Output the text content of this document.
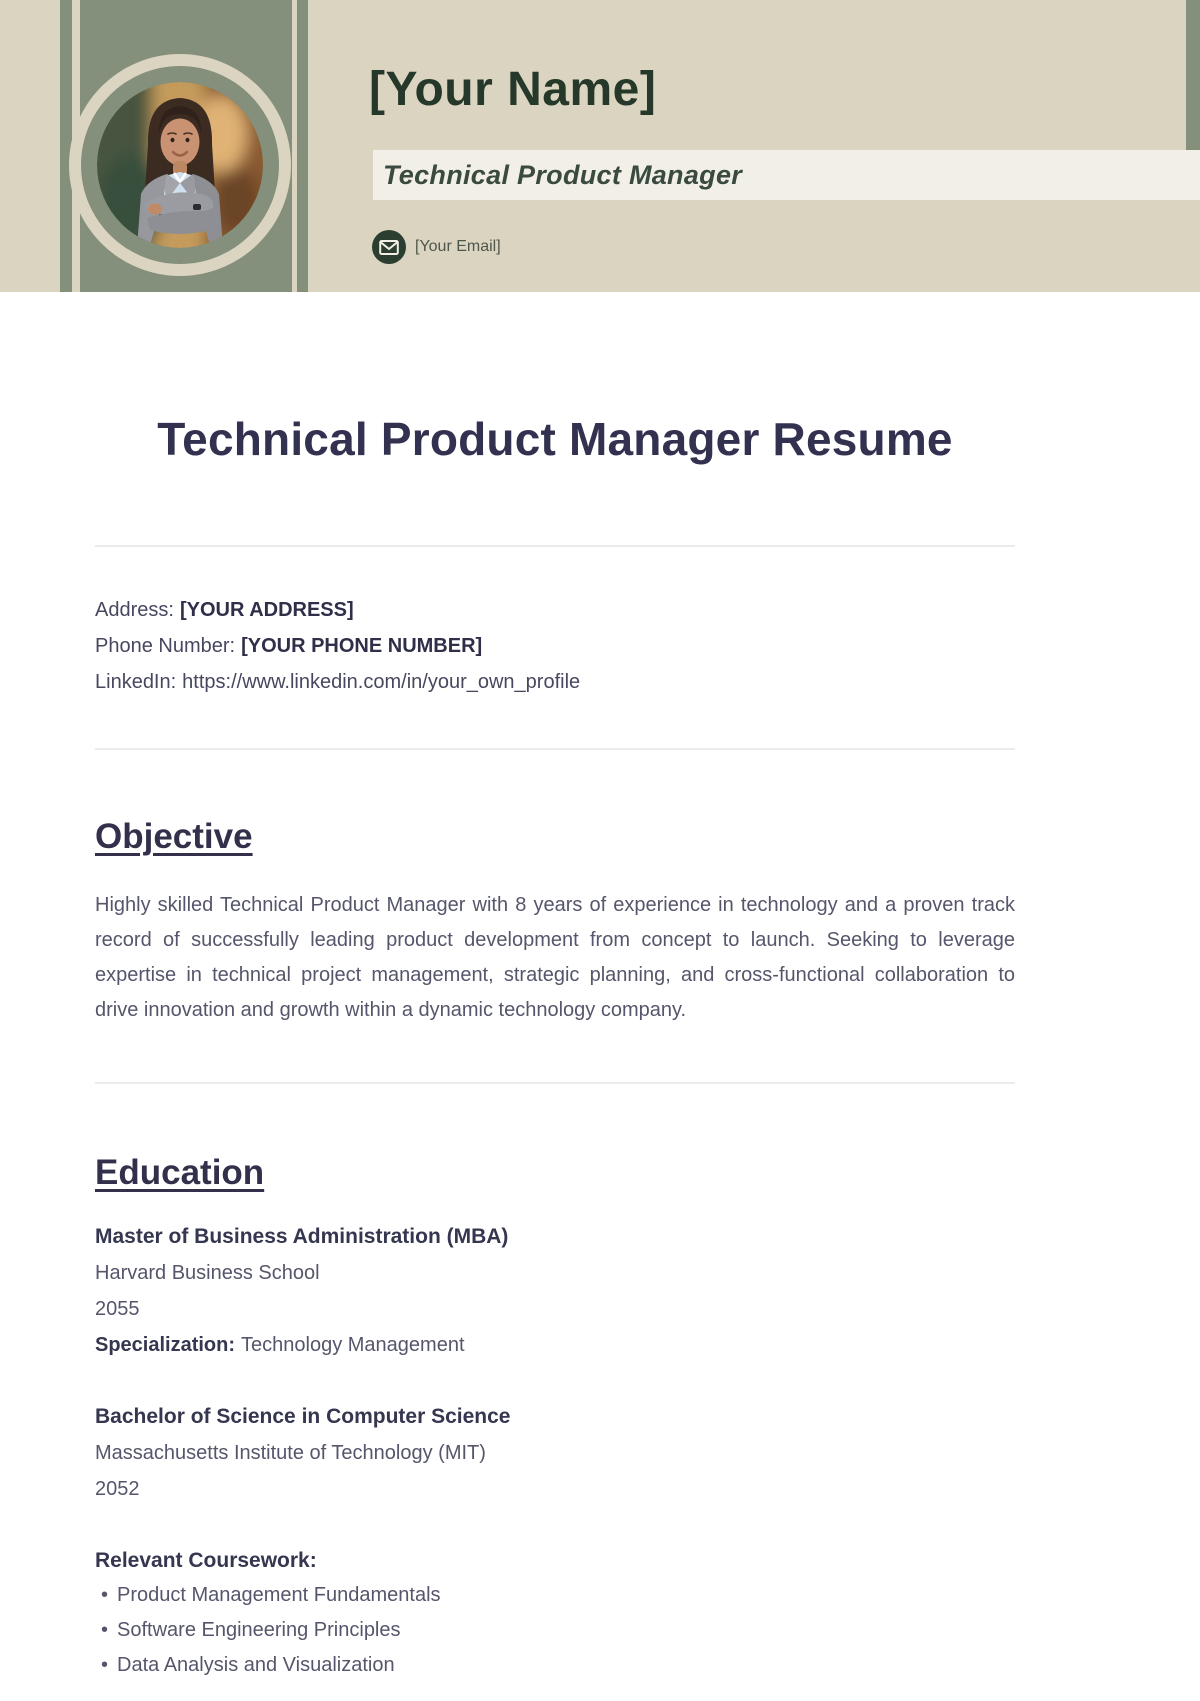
[Your Name]
Technical Product Manager
[Your Email]
Technical Product Manager Resume
Address: [YOUR ADDRESS]
Phone Number: [YOUR PHONE NUMBER]
LinkedIn: https://www.linkedin.com/in/your_own_profile
Objective

Highly skilled Technical Product Manager with 8 years of experience in technology and a proven track record of successfully leading product development from concept to launch. Seeking to leverage expertise in technical project management, strategic planning, and cross-functional collaboration to drive innovation and growth within a dynamic technology company.

Education
Master of Business Administration (MBA)
Harvard Business School
2055
Specialization: Technology Management
Bachelor of Science in Computer Science
Massachusetts Institute of Technology (MIT)
2052
Relevant Coursework:
• Product Management Fundamentals
• Software Engineering Principles
• Data Analysis and Visualization
